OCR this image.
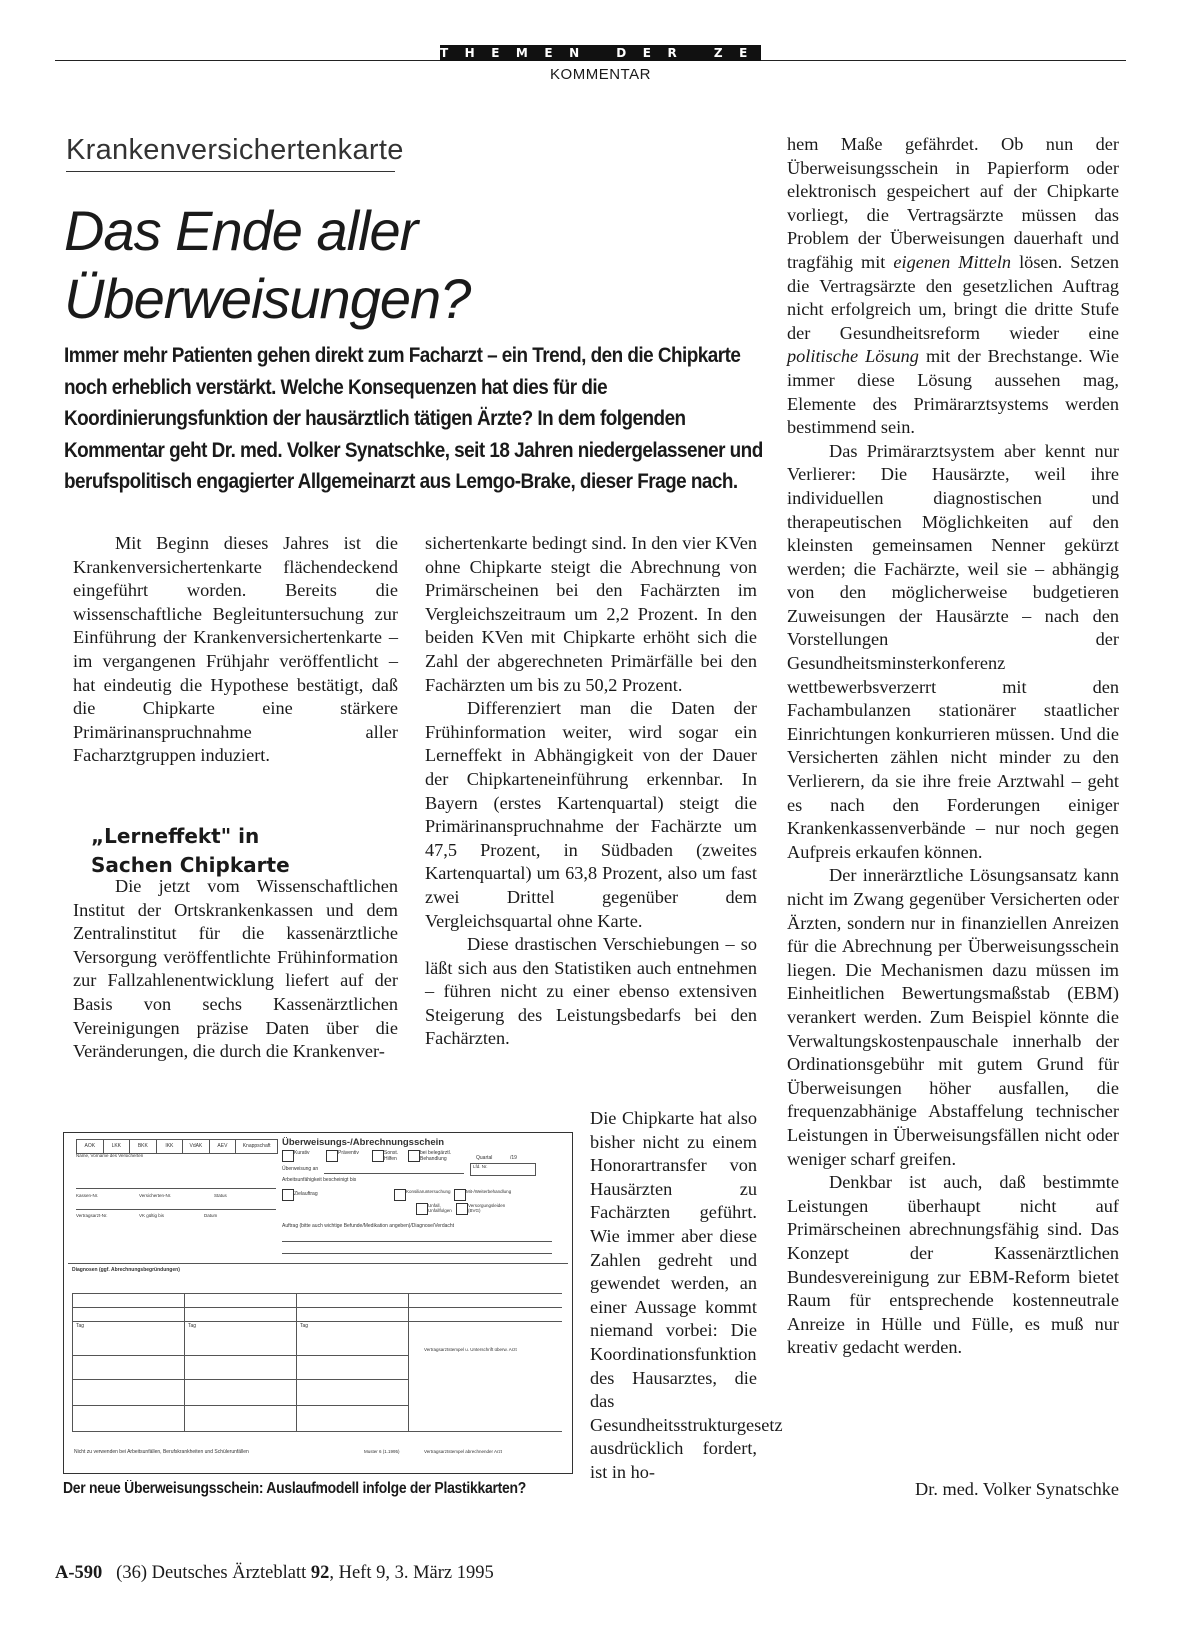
THEMEN DER ZEIT
KOMMENTAR
Krankenversichertenkarte
Das Ende aller
Überweisungen?

Immer mehr Patienten gehen direkt zum Facharzt – ein Trend, den die Chipkarte noch erheblich verstärkt. Welche Konsequenzen hat dies für die Koordinierungsfunktion der hausärztlich tätigen Ärzte? In dem folgenden Kommentar geht Dr. med. Volker Synatschke, seit 18 Jahren niedergelassener und berufspolitisch engagierter Allgemeinarzt aus Lemgo-Brake, dieser Frage nach.

Mit Beginn dieses Jahres ist die Krankenversichertenkarte flächendeckend eingeführt worden. Bereits die wissenschaftliche Begleituntersuchung zur Einführung der Krankenversichertenkarte – im vergangenen Frühjahr veröffentlicht – hat eindeutig die Hypothese bestätigt, daß die Chipkarte eine stärkere Primärinanspruchnahme aller Facharztgruppen induziert.

„Lerneffekt" in
Sachen Chipkarte

Die jetzt vom Wissenschaftlichen Institut der Ortskrankenkassen und dem Zentralinstitut für die kassenärztliche Versorgung veröffentlichte Frühinformation zur Fallzahlenentwicklung liefert auf der Basis von sechs Kassenärztlichen Vereinigungen präzise Daten über die Veränderungen, die durch die Krankenver-

sichertenkarte bedingt sind. In den vier KVen ohne Chipkarte steigt die Abrechnung von Primärscheinen bei den Fachärzten im Vergleichszeitraum um 2,2 Prozent. In den beiden KVen mit Chipkarte erhöht sich die Zahl der abgerechneten Primärfälle bei den Fachärzten um bis zu 50,2 Prozent.

Differenziert man die Daten der Frühinformation weiter, wird sogar ein Lerneffekt in Abhängigkeit von der Dauer der Chipkarteneinführung erkennbar. In Bayern (erstes Kartenquartal) steigt die Primärinanspruchnahme der Fachärzte um 47,5 Prozent, in Südbaden (zweites Kartenquartal) um 63,8 Prozent, also um fast zwei Drittel gegenüber dem Vergleichsquartal ohne Karte.

Diese drastischen Verschiebungen – so läßt sich aus den Statistiken auch entnehmen – führen nicht zu einer ebenso extensiven Steigerung des Leistungsbedarfs bei den Fachärzten.

Die Chipkarte hat also bisher nicht zu einem Honorartransfer von Hausärzten zu Fachärzten geführt. Wie immer aber diese Zahlen gedreht und gewendet werden, an einer Aussage kommt niemand vorbei: Die Koordinationsfunktion des Hausarztes, die das Gesundheitsstrukturgesetz ausdrücklich fordert, ist in ho-

hem Maße gefährdet. Ob nun der Überweisungsschein in Papierform oder elektronisch gespeichert auf der Chipkarte vorliegt, die Vertragsärzte müssen das Problem der Überweisungen dauerhaft und tragfähig mit eigenen Mitteln lösen. Setzen die Vertragsärzte den gesetzlichen Auftrag nicht erfolgreich um, bringt die dritte Stufe der Gesundheitsreform wieder eine politische Lösung mit der Brechstange. Wie immer diese Lösung aussehen mag, Elemente des Primärarztsystems werden bestimmend sein.

Das Primärarztsystem aber kennt nur Verlierer: Die Hausärzte, weil ihre individuellen diagnostischen und therapeutischen Möglichkeiten auf den kleinsten gemeinsamen Nenner gekürzt werden; die Fachärzte, weil sie – abhängig von den möglicherweise budgetieren Zuweisungen der Hausärzte – nach den Vorstellungen der Gesundheitsminsterkonferenz wettbewerbsverzerrt mit den Fachambulanzen stationärer staatlicher Einrichtungen konkurrieren müssen. Und die Versicherten zählen nicht minder zu den Verlierern, da sie ihre freie Arztwahl – geht es nach den Forderungen einiger Krankenkassenverbände – nur noch gegen Aufpreis erkaufen können.

Der innerärztliche Lösungsansatz kann nicht im Zwang gegenüber Versicherten oder Ärzten, sondern nur in finanziellen Anreizen für die Abrechnung per Überweisungsschein liegen. Die Mechanismen dazu müssen im Einheitlichen Bewertungsmaßstab (EBM) verankert werden. Zum Beispiel könnte die Verwaltungskostenpauschale innerhalb der Ordinationsgebühr mit gutem Grund für Überweisungen höher ausfallen, die frequenzabhänige Abstaffelung technischer Leistungen in Überweisungsfällen nicht oder weniger scharf greifen.

Denkbar ist auch, daß bestimmte Leistungen überhaupt nicht auf Primärscheinen abrechnungsfähig sind. Das Konzept der Kassenärztlichen Bundesvereinigung zur EBM-Reform bietet Raum für entsprechende kostenneutrale Anreize in Hülle und Fülle, es muß nur kreativ gedacht werden.

Dr. med. Volker Synatschke
AOK	LKK	BKK	IKK	VdAK	AEV	Knappschaft	Überweisungs-/Abrechnungsschein
Kurativ	Präventiv	Sonst. Hilfen
bei belegärztl. Behandlung	Quartal	/19
Name, Vorname des Versicherten
Kassen-Nr.	Versicherten-Nr.	Status
Vertragsarzt-Nr.	VK gültig bis	Datum
Überweisung an	Lfd. Nr.
Arbeitsunfähigkeit bescheinigt bis
Zielauftrag	Konsiliaruntersuchung	Mit-/Weiterbehandlung
Unfall, Unfallfolgen
Versorgungsleiden (BVG)
Auftrag (bitte auch wichtige Befunde/Medikation angeben)/Diagnose/Verdacht
Diagnosen (ggf. Abrechnungsbegründungen)
Tag	Tag	Tag
Vertragsarztstempel u. Unterschrift überw. Arzt
Nicht zu verwenden bei Arbeitsunfällen, Berufskrankheiten und Schülerunfällen	Muster 6 (1.1995)	Vertragsarztstempel abrechnender Arzt
Der neue Überweisungsschein: Auslaufmodell infolge der Plastikkarten?
A-590 (36) Deutsches Ärzteblatt 92, Heft 9, 3. März 1995
